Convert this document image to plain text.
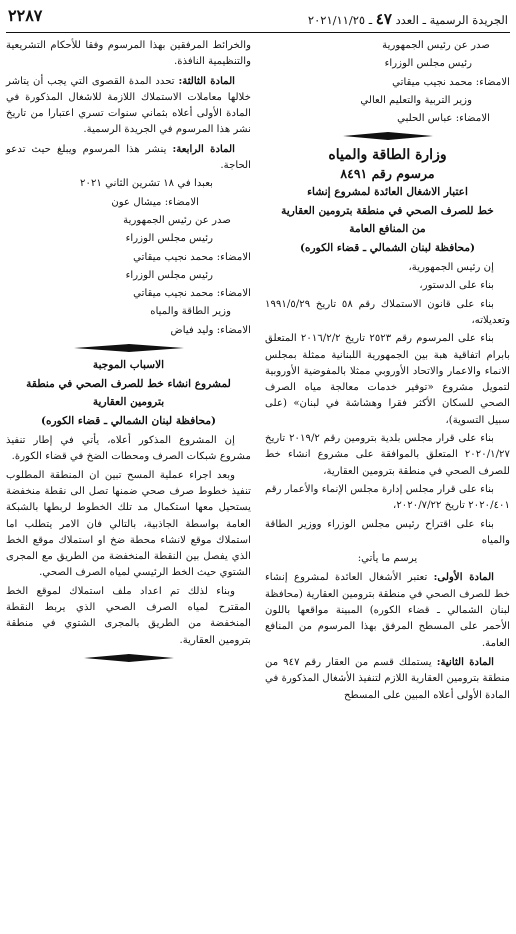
الجريدة الرسمية ـ العدد ٤٧ ـ ٢٠٢١/١١/٢٥
٢٢٨٧

صدر عن رئيس الجمهورية

رئيس مجلس الوزراء

الامضاء: محمد نجيب ميقاتي

وزير التربية والتعليم العالي

الامضاء: عباس الحلبي

وزارة الطاقة والمياه
مرسوم رقم ٨٤٩١

اعتبار الاشغال العائدة لمشروع إنشاء

خط للصرف الصحي في منطقة بترومين العقارية

من المنافع العامة

(محافظة لبنان الشمالي ـ قضاء الكوره)

إن رئيس الجمهورية،

بناء على الدستور،

بناء على قانون الاستملاك رقم ٥٨ تاريخ ١٩٩١/٥/٢٩ وتعديلاته،

بناء على المرسوم رقم ٢٥٢٣ تاريخ ٢٠١٦/٢/٢ المتعلق بابرام اتفاقية هبة بين الجمهورية اللبنانية ممثلة بمجلس الانماء والاعمار والاتحاد الأوروبي ممثلا بالمفوضية الأوروبية لتمويل مشروع «توفير خدمات معالجة مياه الصرف الصحي للسكان الأكثر فقرا وهشاشة في لبنان» (على سبيل التسوية)،

بناء على قرار مجلس بلدية بترومين رقم ٢٠١٩/٢ تاريخ ٢٠٢٠/١/٢٧ المتعلق بالموافقة على مشروع انشاء خط للصرف الصحي في منطقة بترومين العقارية،

بناء على قرار مجلس إدارة مجلس الإنماء والأعمار رقم ٢٠٢٠/٤٠١ تاريخ ٢٠٢٠/٧/٢٢،

بناء على اقتراح رئيس مجلس الوزراء ووزير الطاقة والمياه

يرسم ما يأتي:

المادة الأولى: تعتبر الأشغال العائدة لمشروع إنشاء خط للصرف الصحي في منطقة بترومين العقارية (محافظة لبنان الشمالي ـ قضاء الكوره) المبينة مواقعها باللون الأحمر على المسطح المرفق بهذا المرسوم من المنافع العامة.

المادة الثانية: يستملك قسم من العقار رقم ٩٤٧ من منطقة بترومين العقارية اللازم لتنفيذ الأشغال المذكورة في المادة الأولى أعلاه المبين على المسطح

والخرائط المرفقين بهذا المرسوم وفقا للأحكام التشريعية والتنظيمية النافذة.

المادة الثالثة: تحدد المدة القصوى التي يجب أن يتاشر خلالها معاملات الاستملاك اللازمة للاشغال المذكورة في المادة الأولى أعلاه بثماني سنوات تسري اعتبارا من تاريخ نشر هذا المرسوم في الجريدة الرسمية.

المادة الرابعة: ينشر هذا المرسوم ويبلغ حيث تدعو الحاجة.

بعبدا في ١٨ تشرين الثاني ٢٠٢١

الامضاء: ميشال عون

صدر عن رئيس الجمهورية

رئيس مجلس الوزراء

الامضاء: محمد نجيب ميقاتي

رئيس مجلس الوزراء

الامضاء: محمد نجيب ميقاتي

وزير الطاقة والمياه

الامضاء: وليد فياض

الاسباب الموجبة

لمشروع انشاء خط للصرف الصحي في منطقة

بترومين العقارية

(محافظة لبنان الشمالي ـ قضاء الكوره)

إن المشروع المذكور أعلاه، يأتي في إطار تنفيذ مشروع شبكات الصرف ومحطات الضخ في قضاء الكورة.

وبعد اجراء عملية المسح تبين ان المنطقة المطلوب تنفيذ خطوط صرف صحي ضمنها تصل الى نقطة منخفضة يستحيل معها استكمال مد تلك الخطوط لربطها بالشبكة العامة بواسطة الجاذبية، بالتالي فان الامر يتطلب اما استملاك موقع لانشاء محطة ضخ او استملاك موقع الخط الذي يفصل بين النقطة المنخفضة من الطريق مع المجرى الشتوي حيث الخط الرئيسي لمياه الصرف الصحي.

وبناء لذلك تم اعداد ملف استملاك لموقع الخط المقترح لمياه الصرف الصحي الذي يربط النقطة المنخفضة من الطريق بالمجرى الشتوي في منطقة بترومين العقارية.
